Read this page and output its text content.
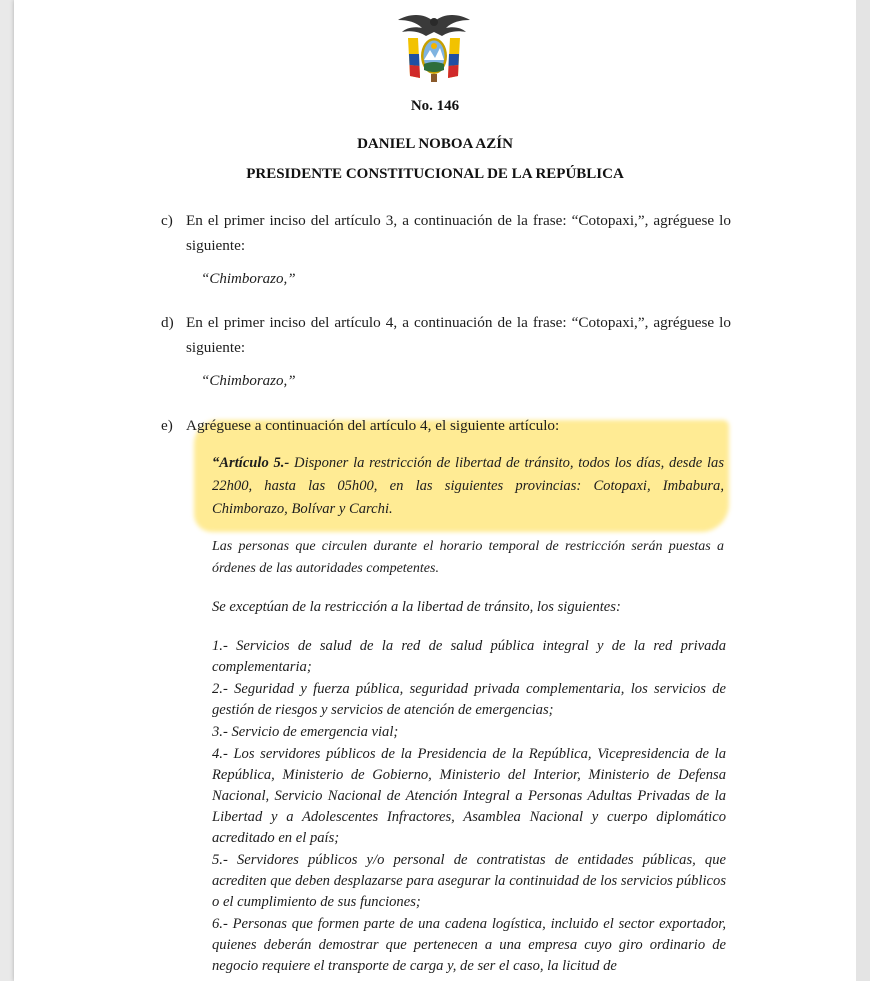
No. 146
DANIEL NOBOA AZÍN
PRESIDENTE CONSTITUCIONAL DE LA REPÚBLICA
c) En el primer inciso del artículo 3, a continuación de la frase: “Cotopaxi,”, agréguese lo siguiente:
“Chimborazo,”
d) En el primer inciso del artículo 4, a continuación de la frase: “Cotopaxi,”, agréguese lo siguiente:
“Chimborazo,”
e) Agréguese a continuación del artículo 4, el siguiente artículo:
“Artículo 5.- Disponer la restricción de libertad de tránsito, todos los días, desde las 22h00, hasta las 05h00, en las siguientes provincias: Cotopaxi, Imbabura, Chimborazo, Bolívar y Carchi.
Las personas que circulen durante el horario temporal de restricción serán puestas a órdenes de las autoridades competentes.
Se exceptúan de la restricción a la libertad de tránsito, los siguientes:

1.- Servicios de salud de la red de salud pública integral y de la red privada complementaria;

2.- Seguridad y fuerza pública, seguridad privada complementaria, los servicios de gestión de riesgos y servicios de atención de emergencias;

3.- Servicio de emergencia vial;

4.- Los servidores públicos de la Presidencia de la República, Vicepresidencia de la República, Ministerio de Gobierno, Ministerio del Interior, Ministerio de Defensa Nacional, Servicio Nacional de Atención Integral a Personas Adultas Privadas de la Libertad y a Adolescentes Infractores, Asamblea Nacional y cuerpo diplomático acreditado en el país;

5.- Servidores públicos y/o personal de contratistas de entidades públicas, que acrediten que deben desplazarse para asegurar la continuidad de los servicios públicos o el cumplimiento de sus funciones;

6.- Personas que formen parte de una cadena logística, incluido el sector exportador, quienes deberán demostrar que pertenecen a una empresa cuyo giro ordinario de negocio requiere el transporte de carga y, de ser el caso, la licitud de
